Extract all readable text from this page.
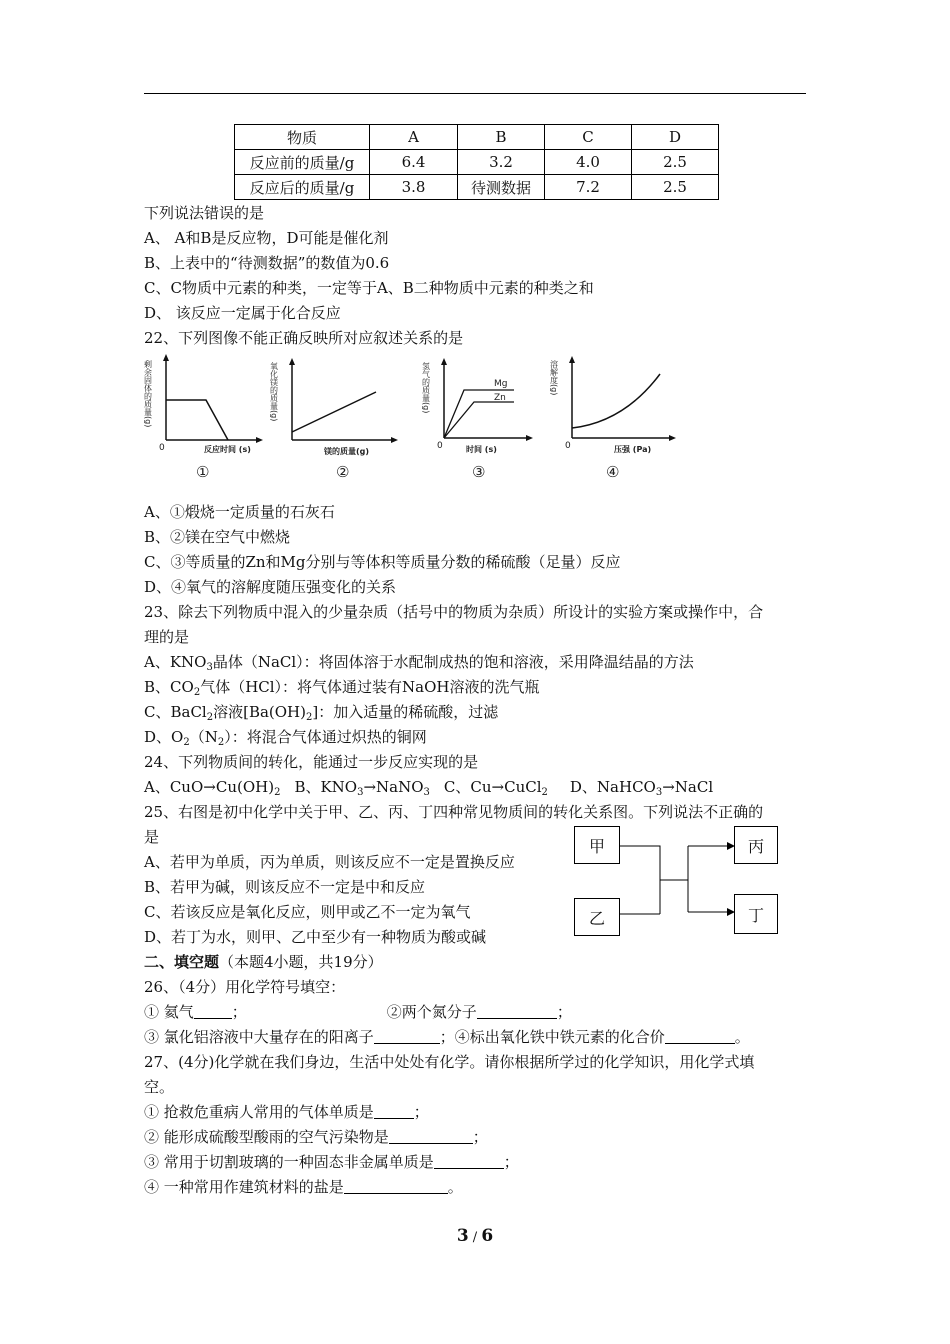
物质	A	B	C	D
反应前的质量/g	6.4	3.2	4.0	2.5
反应后的质量/g	3.8	待测数据	7.2	2.5
下列说法错误的是
A、 A和B是反应物，D可能是催化剂
B、上表中的“待测数据”的数值为0.6
C、C物质中元素的种类，一定等于A、B二种物质中元素的种类之和
D、 该反应一定属于化合反应
22、下列图像不能正确反映所对应叙述关系的是
剩余固体的质量(g)
0	反应时间 (s)
①
氧化镁的质量(g)
镁的质量(g)
②
Mg
Zn
氢气的质量(g)
0	时间 (s)
③
溶解度(g)
0	压强 (Pa)
④
A、①煅烧一定质量的石灰石
B、②镁在空气中燃烧
C、③等质量的Zn和Mg分别与等体积等质量分数的稀硫酸（足量）反应
D、④氧气的溶解度随压强变化的关系
23、除去下列物质中混入的少量杂质（括号中的物质为杂质）所设计的实验方案或操作中，合
理的是
A、$KNO_3$晶体（NaCl）：将固体溶于水配制成热的饱和溶液，采用降温结晶的方法
B、$CO_2$气体（HCl）：将气体通过装有NaOH溶液的洗气瓶
C、BaCl$_2$溶液$[Ba(OH)_2]$：加入适量的稀硫酸，过滤
D、$O_2(N_2)$：将混合气体通过炽热的铜网
24、下列物质间的转化，能通过一步反应实现的是
A、$CuO\to Cu(OH)_2$ B、$KNO_3\to NaNO_3$ C、Cu→CuCl$_2$ D、NaHCO$_3$→NaCl
25、右图是初中化学中关于甲、乙、丙、丁四种常见物质间的转化关系图。下列说法不正确的
是
A、若甲为单质，丙为单质，则该反应不一定是置换反应
B、若甲为碱，则该反应不一定是中和反应
C、若该反应是氧化反应，则甲或乙不一定为氧气
D、若丁为水，则甲、乙中至少有一种物质为酸或碱
甲
乙
丙
丁
二、填空题（本题4小题，共19分）
26、（4分）用化学符号填空：
① 氦气	；	②两个氮分子	；
③ 氯化铝溶液中大量存在的阳离子	；④标出氧化铁中铁元素的化合价	。
27、(4分)化学就在我们身边，生活中处处有化学。请你根据所学过的化学知识，用化学式填
空。
① 抢救危重病人常用的气体单质是	；
② 能形成硫酸型酸雨的空气污染物是	；
③ 常用于切割玻璃的一种固态非金属单质是	；
④ 一种常用作建筑材料的盐是	。
3 / 6
